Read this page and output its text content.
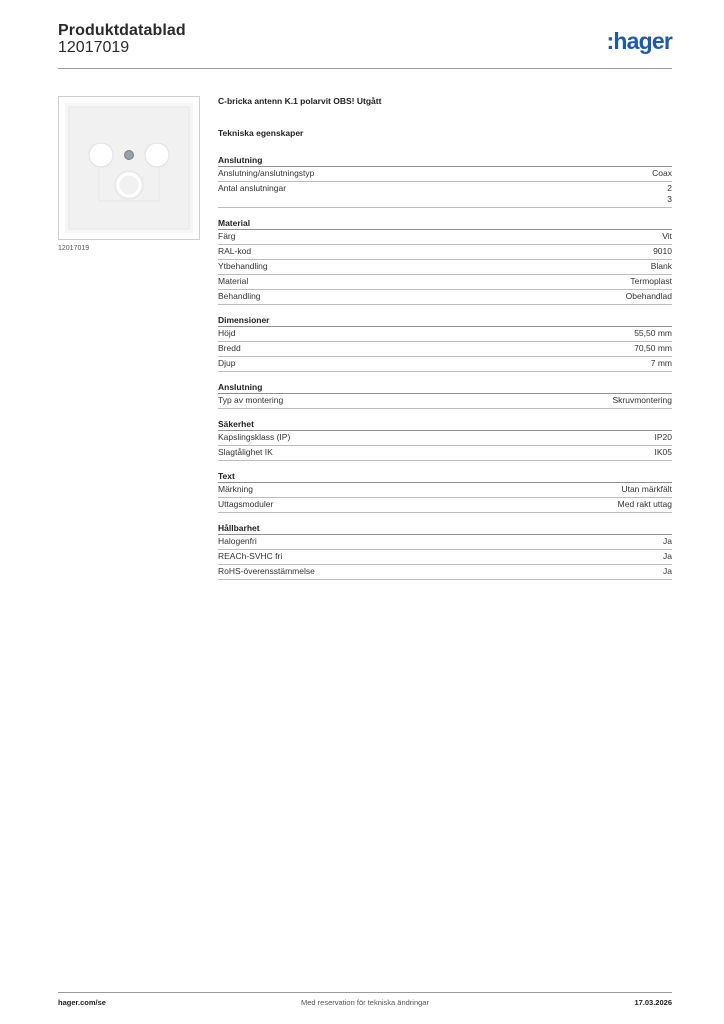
Produktdatablad
12017019	:hager
12017019
C-bricka antenn K.1 polarvit OBS! Utgått
Tekniska egenskaper
Anslutning
Anslutning/anslutningstyp	Coax
Antal anslutningar	2
3
Material
Färg	Vit
RAL-kod	9010
Ytbehandling	Blank
Material	Termoplast
Behandling	Obehandlad
Dimensioner
Höjd	55,50 mm
Bredd	70,50 mm
Djup	7 mm
Anslutning
Typ av montering	Skruvmontering
Säkerhet
Kapslingsklass (IP)	IP20
Slagtålighet IK	IK05
Text
Märkning	Utan märkfält
Uttagsmoduler	Med rakt uttag
Hållbarhet
Halogenfri	Ja
REACh-SVHC fri	Ja
RoHS-överensstämmelse	Ja
hager.com/se	Med reservation för tekniska ändringar	17.03.2026
